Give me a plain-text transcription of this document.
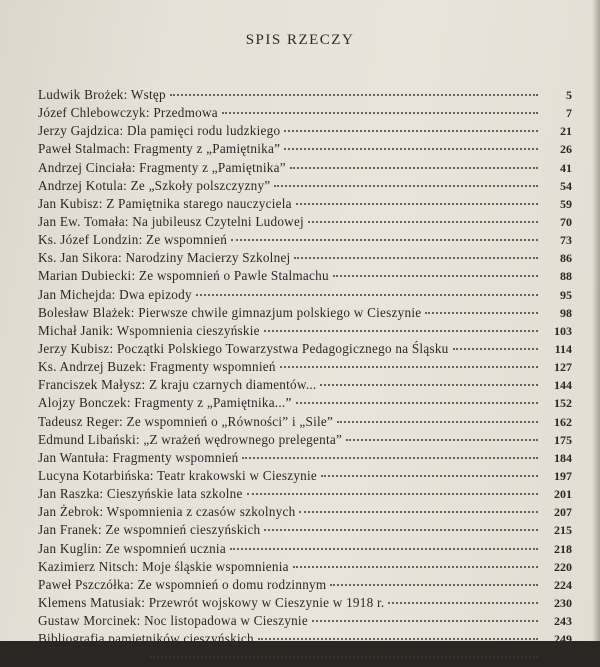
SPIS RZECZY
Ludwik Brożek: Wstęp	5
Józef Chlebowczyk: Przedmowa	7
Jerzy Gajdzica: Dla pamięci rodu ludzkiego	21
Paweł Stalmach: Fragmenty z „Pamiętnika”	26
Andrzej Cinciała: Fragmenty z „Pamiętnika”	41
Andrzej Kotula: Ze „Szkoły polszczyzny”	54
Jan Kubisz: Z Pamiętnika starego nauczyciela	59
Jan Ew. Tomała: Na jubileusz Czytelni Ludowej	70
Ks. Józef Londzin: Ze wspomnień	73
Ks. Jan Sikora: Narodziny Macierzy Szkolnej	86
Marian Dubiecki: Ze wspomnień o Pawle Stalmachu	88
Jan Michejda: Dwa epizody	95
Bolesław Blażek: Pierwsze chwile gimnazjum polskiego w Cieszynie	98
Michał Janik: Wspomnienia cieszyńskie	103
Jerzy Kubisz: Początki Polskiego Towarzystwa Pedagogicznego na Śląsku	114
Ks. Andrzej Buzek: Fragmenty wspomnień	127
Franciszek Małysz: Z kraju czarnych diamentów...	144
Alojzy Bonczek: Fragmenty z „Pamiętnika...”	152
Tadeusz Reger: Ze wspomnień o „Równości” i „Sile”	162
Edmund Libański: „Z wrażeń wędrownego prelegenta”	175
Jan Wantuła: Fragmenty wspomnień	184
Lucyna Kotarbińska: Teatr krakowski w Cieszynie	197
Jan Raszka: Cieszyńskie lata szkolne	201
Jan Żebrok: Wspomnienia z czasów szkolnych	207
Jan Franek: Ze wspomnień cieszyńskich	215
Jan Kuglin: Ze wspomnień ucznia	218
Kazimierz Nitsch: Moje śląskie wspomnienia	220
Paweł Pszczółka: Ze wspomnień o domu rodzinnym	224
Klemens Matusiak: Przewrót wojskowy w Cieszynie w 1918 r.	230
Gustaw Morcinek: Noc listopadowa w Cieszynie	243
Bibliografia pamiętników cieszyńskich	249
Skorowidz nazwisk	256
